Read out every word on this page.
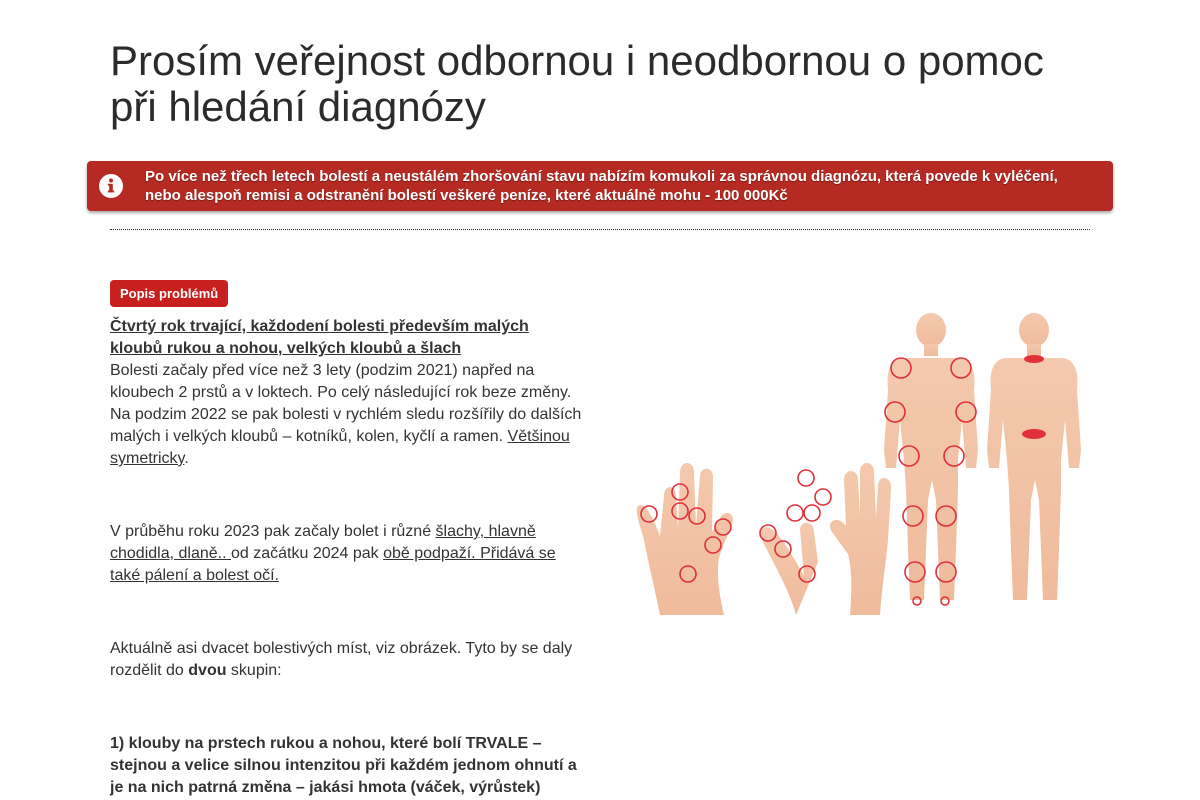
Prosím veřejnost odbornou i neodbornou o pomoc při hledání diagnózy
Po více než třech letech bolestí a neustálém zhoršování stavu nabízím komukoli za správnou diagnózu, která povede k vyléčení, nebo alespoň remisi a odstranění bolestí veškeré peníze, které aktuálně mohu - 100 000Kč
Popis problémů

Čtvrtý rok trvající, každodení bolesti především malých kloubů rukou a nohou, velkých kloubů a šlach

Bolesti začaly před více než 3 lety (podzim 2021) napřed na kloubech 2 prstů a v loktech. Po celý následující rok beze změny. Na podzim 2022 se pak bolesti v rychlém sledu rozšířily do dalších malých i velkých kloubů – kotníků, kolen, kyčlí a ramen. Většinou symetricky.

V průběhu roku 2023 pak začaly bolet i různé šlachy, hlavně chodidla, dlaně.. od začátku 2024 pak obě podpaží. Přidává se také pálení a bolest očí.

Aktuálně asi dvacet bolestivých míst, viz obrázek. Tyto by se daly rozdělit do dvou skupin:

1) klouby na prstech rukou a nohou, které bolí TRVALE – stejnou a velice silnou intenzitou při každém jednom ohnutí a je na nich patrná změna – jakási hmota (váček, výrůstek)
